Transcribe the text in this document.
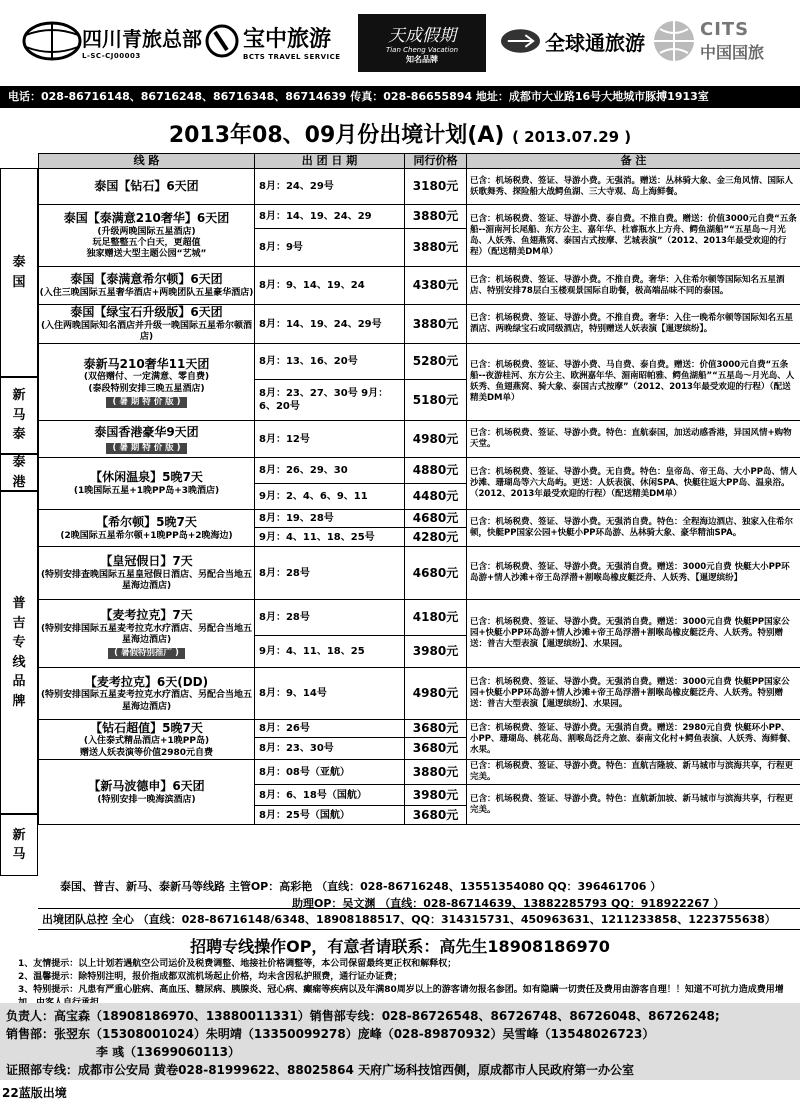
四川青旅总部
L-SC-CJ00003
宝中旅游
BCTS TRAVEL SERVICE
天成假期
Tian Cheng Vacation
知名品牌
全球通旅游
CITS
中国国旅
电话：028-86716148、86716248、86716348、86714639 传真：028-86655894 地址：成都市大业路16号大地城市豚搏1913室
2013年08、09月份出境计划(A) ( 2013.07.29 )
泰国
新马泰
泰港
普吉专线品牌
新马
线 路	出 团 日 期	同行价格	备 注

泰国【钻石】6天团	8月：24、29号	3180元	已含：机场税费、签证、导游小费。无强消。赠送：丛林骑大象、金三角风情、国际人妖歌舞秀、探险船大战鳄鱼湖、三大寺观、岛上海鲜餐。

泰国【泰满意210奢华】6天团
(升级两晚国际五星酒店)
玩足整整五个白天，更超值
独家赠送大型主题公园“艺城”	8月：14、19、24、29	3880元	已含：机场税费、签证、导游小费、泰自费。不推自费。赠送：价值3000元自费“五条船--湄南河长尾船、东方公主、嘉年华、杜睿瓶水上方舟、鳄鱼湖船”“五星岛～月光岛、人妖秀、鱼翅燕窝、泰国古式按摩、艺城表演”（2012、2013年最受欢迎的行程）（配送精美DM单）
	8月：9号	3880元	

泰国【泰满意希尔顿】6天团
(入住三晚国际五星奢华酒店+两晚团队五星豪华酒店)	8月：9、14、19、24	4380元	已含：机场税费、签证、导游小费。不推自费。奢华：入住希尔顿等国际知名五星酒店、特别安排78层白玉楼观景国际自助餐，极高端品味不同的泰国。

泰国【绿宝石升级版】6天团
(入住两晚国际知名酒店并升级一晚国际五星希尔顿酒店)	8月：14、19、24、29号	3880元	已含：机场税费、签证、导游小费。不推自费。奢华：入住一晚希尔顿等国际知名五星酒店、两晚绿宝石或同级酒店，特别赠送人妖表演【暹逻缤纷】。

泰新马210奢华11天团
(双倍赠付、一定满意、零自费)
(泰段特别安排三晚五星酒店)
( 暑 期 特 价 版 )	8月：13、16、20号	5280元	已含：机场税费、签证、导游小费、马自费、泰自费。赠送：价值3000元自费“五条船--夜游桂河、东方公主、欧洲嘉年华、湄南昭帕雅、鳄鱼湖船”“五星岛～月光岛、人妖秀、鱼翅燕窝、骑大象、泰国古式按摩”（2012、2013年最受欢迎的行程）（配送精美DM单）
	8月：23、27、30号 9月：6、20号	5180元	

泰国香港豪华9天团
( 暑 期 特 价 版 )	8月：12号	4980元	已含：机场税费、签证、导游小费。特色：直航泰国，加送动感香港，异国风情+购物天堂。

【休闲温泉】5晚7天
(1晚国际五星+1晚PP岛+3晚酒店)	8月：26、29、30	4880元	已含：机场税费、签证、导游小费。无自费。特色：皇帝岛、帝王岛、大小PP岛、情人沙滩、珊瑚岛等六大岛屿。更送：人妖表演、休闲SPA、快艇往返大PP岛、温泉浴。（2012、2013年最受欢迎的行程）（配送精美DM单）
	9月：2、4、6、9、11	4480元	

【希尔顿】5晚7天
(2晚国际五星希尔顿+1晚PP岛+2晚海边)	8月：19、28号	4680元	已含：机场税费、签证、导游小费。无强消自费。特色：全程海边酒店、独家入住希尔顿，快艇PP国家公园+快艇小PP环岛游、丛林骑大象、豪华精油SPA。
	9月：4、11、18、25号	4280元	

【皇冠假日】7天
(特别安排查晚国际五星皇冠假日酒店、另配合当地五星海边酒店)	8月：28号	4680元	已含：机场税费、签证、导游小费。无强消自费。赠送：3000元自费 快艇大小PP环岛游+情人沙滩+帝王岛浮潜+割喉岛橡皮艇泛舟、人妖秀、【暹逻缤纷】

【麦考拉克】7天
(特别安排国际五星麦考拉克水疗酒店、另配合当地五星海边酒店)
( 暑假特别推广 )	8月：28号	4180元	已含：机场税费、签证、导游小费。无强消自费。赠送：3000元自费 快艇PP国家公园+快艇小PP环岛游+情人沙滩+帝王岛浮潜+割喉岛橡皮艇泛舟、人妖秀。特别赠送：普吉大型表演【暹逻缤纷】、水果园。
	9月：4、11、18、25	3980元	

【麦考拉克】6天(DD)
(特别安排国际五星麦考拉克水疗酒店、另配合当地五星海边酒店)	8月：9、14号	4980元	已含：机场税费、签证、导游小费。无强消自费。赠送：3000元自费 快艇PP国家公园+快艇小PP环岛游+情人沙滩+帝王岛浮潜+割喉岛橡皮艇泛舟、人妖秀。特别赠送：普吉大型表演【暹逻缤纷】、水果园。

【钻石超值】5晚7天
(入住泰式精品酒店+1晚PP岛)
赠送人妖表演等价值2980元自费	8月：26号	3680元	已含：机场税费、签证、导游小费。无强消自费。赠送：2980元自费 快艇环小PP、小PP、珊瑚岛、桃花岛、割喉岛泛舟之旅、泰南文化村+鳄鱼表演、人妖秀、海鲜餐、水果。
	8月：23、30号	3680元	

【新马波德申】6天团
(特别安排一晚海滨酒店)	8月：08号（亚航）	3880元	已含：机场税费、签证、导游小费。特色：直航吉隆坡、新马城市与滨海共享，行程更完美。
	8月：6、18号（国航）	3980元	已含：机场税费、签证、导游小费。特色：直航新加坡、新马城市与滨海共享，行程更完美。
	8月：25号（国航）	3680元	
泰国、普吉、新马、泰新马等线路 主管OP：高彩艳 （直线：028-86716248、13551354080 QQ：396461706 ）
助理OP：吴文渊 （直线：028-86714639、13882285793 QQ：918922267 ）
出境团队总控 全心 （直线：028-86716148/6348、18908188517、QQ：314315731、450963631、1211233858、1223755638）
招聘专线操作OP，有意者请联系：高先生18908186970
1、友情提示：以上计划若遇航空公司运价及税费调整、地接社价格调整等，本公司保留最终更正权和解释权；
2、温馨提示：除特别注明，报价指成都双流机场起止价格，均未含因私护照费，通行证办证费；
3、特别提示：凡患有严重心脏病、高血压、糖尿病、胰腺炎、冠心病、癫痫等疾病以及年满80周岁以上的游客请勿报名参团。如有隐瞒一切责任及费用由游客自理！！知道不可抗力造成费用增
负责人：高宝森（18908186970、13880011331）销售部专线：028-86726548、86726748、86726048、86726248;
销售部：张翌东（15308001024）朱明靖（13350099278）庞峰（028-89870932）吴雪峰（13548026723）
李 彧（13699060113）
证照部专线：成都市公安局 黄卷028-81999622、88025864 天府广场科技馆西侧，原成都市人民政府第一办公室
22蓝版出境
